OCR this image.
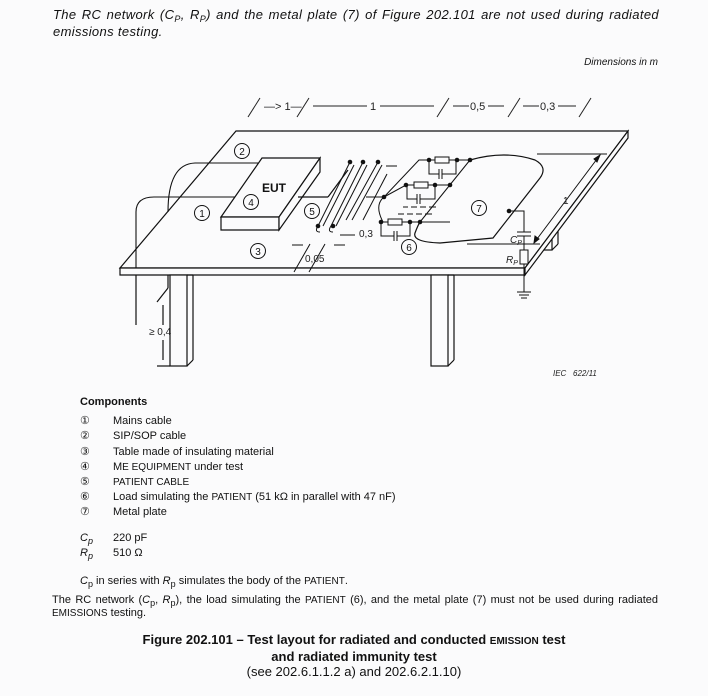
The RC network ($C_P$, $R_P$) and the metal plate (7) of Figure 202.101 are not used during radiated emissions testing.
Dimensions in m
—> 1—	1	0,5	0,3
≥ 0,4
EUT
0,05
0,3
$C_P$
$R_P$
1
1
2
3
4
5
6
7
IEC   622/11
Components
① Mains cable
② SIP/SOP cable
③ Table made of insulating material
④ ME EQUIPMENT under test
⑤ PATIENT CABLE
⑥ Load simulating the PATIENT (51 kΩ in parallel with 47 nF)
⑦ Metal plate
$C_p$ 220 pF
$R_p$ 510 Ω
$C_p$ in series with $R_p$ simulates the body of the PATIENT.
The RC network ($C_p$, $R_p$), the load simulating the PATIENT (6), and the metal plate (7) must not be used during radiated EMISSIONS testing.
Figure 202.101 – Test layout for radiated and conducted EMISSION test
and radiated immunity test
(see 202.6.1.1.2 a) and 202.6.2.1.10)
